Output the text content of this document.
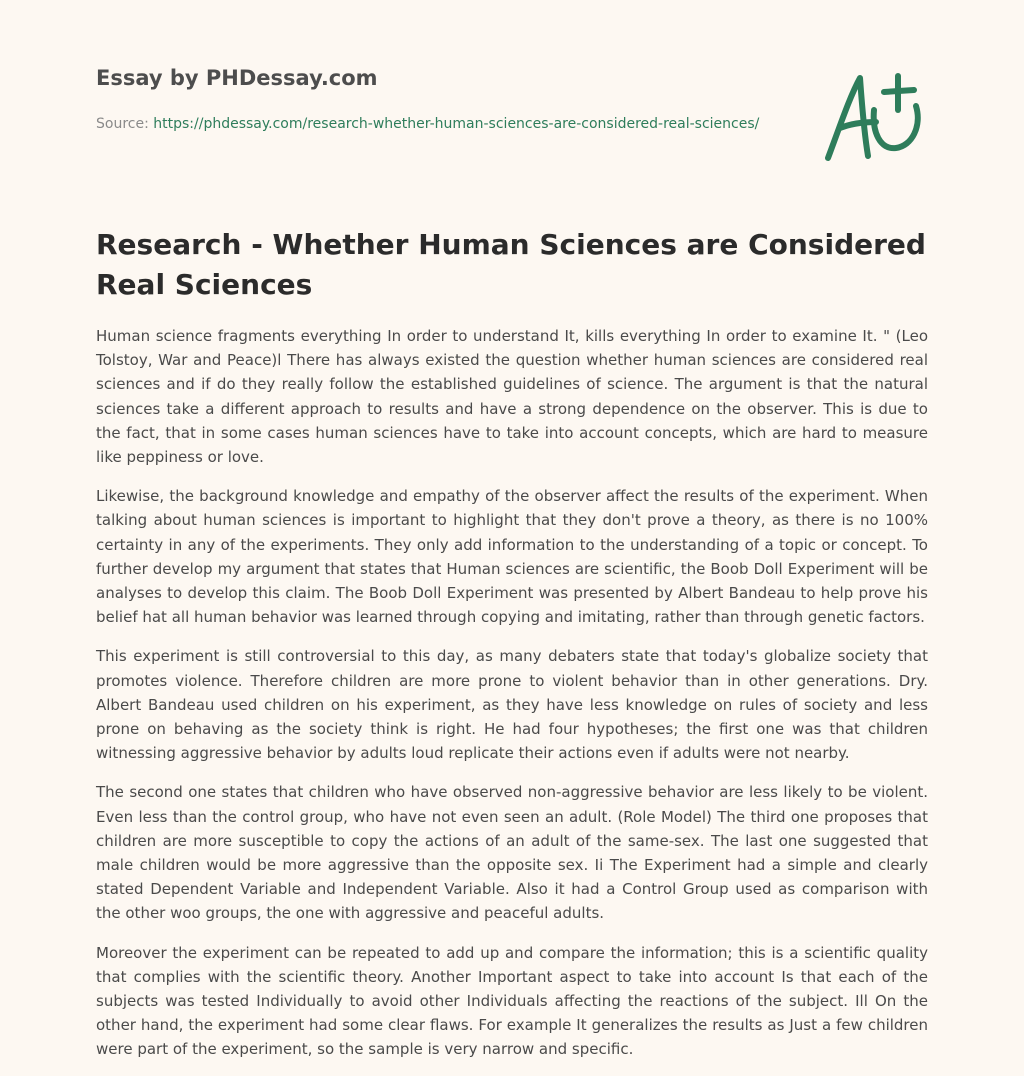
Essay by PHDessay.com
Source: https://phdessay.com/research-whether-human-sciences-are-considered-real-sciences/
Research - Whether Human Sciences are Considered Real Sciences

Human science fragments everything In order to understand It, kills everything In order to examine It. " (Leo Tolstoy, War and Peace)l There has always existed the question whether human sciences are considered real sciences and if do they really follow the established guidelines of science. The argument is that the natural sciences take a different approach to results and have a strong dependence on the observer. This is due to the fact, that in some cases human sciences have to take into account concepts, which are hard to measure like peppiness or love.

Likewise, the background knowledge and empathy of the observer affect the results of the experiment. When talking about human sciences is important to highlight that they don't prove a theory, as there is no 100% certainty in any of the experiments. They only add information to the understanding of a topic or concept. To further develop my argument that states that Human sciences are scientific, the Boob Doll Experiment will be analyses to develop this claim. The Boob Doll Experiment was presented by Albert Bandeau to help prove his belief hat all human behavior was learned through copying and imitating, rather than through genetic factors.

This experiment is still controversial to this day, as many debaters state that today's globalize society that promotes violence. Therefore children are more prone to violent behavior than in other generations. Dry. Albert Bandeau used children on his experiment, as they have less knowledge on rules of society and less prone on behaving as the society think is right. He had four hypotheses; the first one was that children witnessing aggressive behavior by adults loud replicate their actions even if adults were not nearby.

The second one states that children who have observed non-aggressive behavior are less likely to be violent. Even less than the control group, who have not even seen an adult. (Role Model) The third one proposes that children are more susceptible to copy the actions of an adult of the same-sex. The last one suggested that male children would be more aggressive than the opposite sex. Ii The Experiment had a simple and clearly stated Dependent Variable and Independent Variable. Also it had a Control Group used as comparison with the other woo groups, the one with aggressive and peaceful adults.

Moreover the experiment can be repeated to add up and compare the information; this is a scientific quality that complies with the scientific theory. Another Important aspect to take into account Is that each of the subjects was tested Individually to avoid other Individuals affecting the reactions of the subject. Ill On the other hand, the experiment had some clear flaws. For example It generalizes the results as Just a few children were part of the experiment, so the sample is very narrow and specific.
